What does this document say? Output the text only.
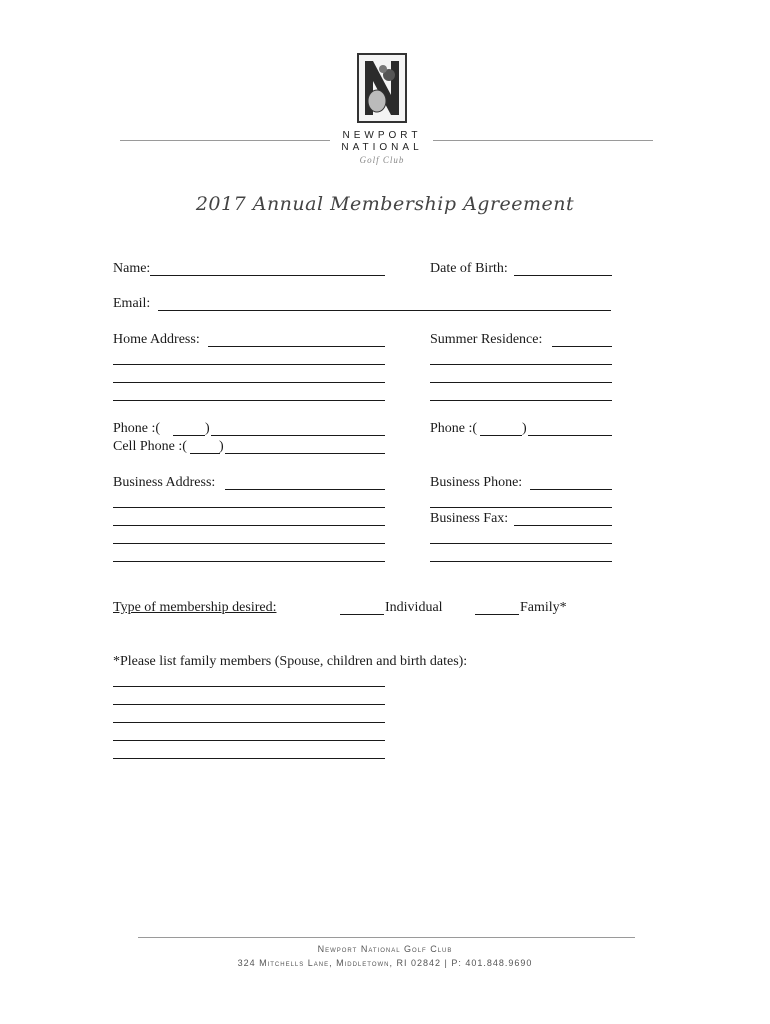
NEWPORT
NATIONAL
Golf Club
2017 Annual Membership Agreement
Name:	Date of Birth:
Email:
Home Address:	Summer Residence:
Phone :(	)	Phone :(	)
Cell Phone :( )
Business Address:	Business Phone:
Business Fax:
Type of membership desired:	Individual	Family*
*Please list family members (Spouse, children and birth dates):
Newport National Golf Club
324 Mitchells Lane, Middletown, RI 02842 | P: 401.848.9690
